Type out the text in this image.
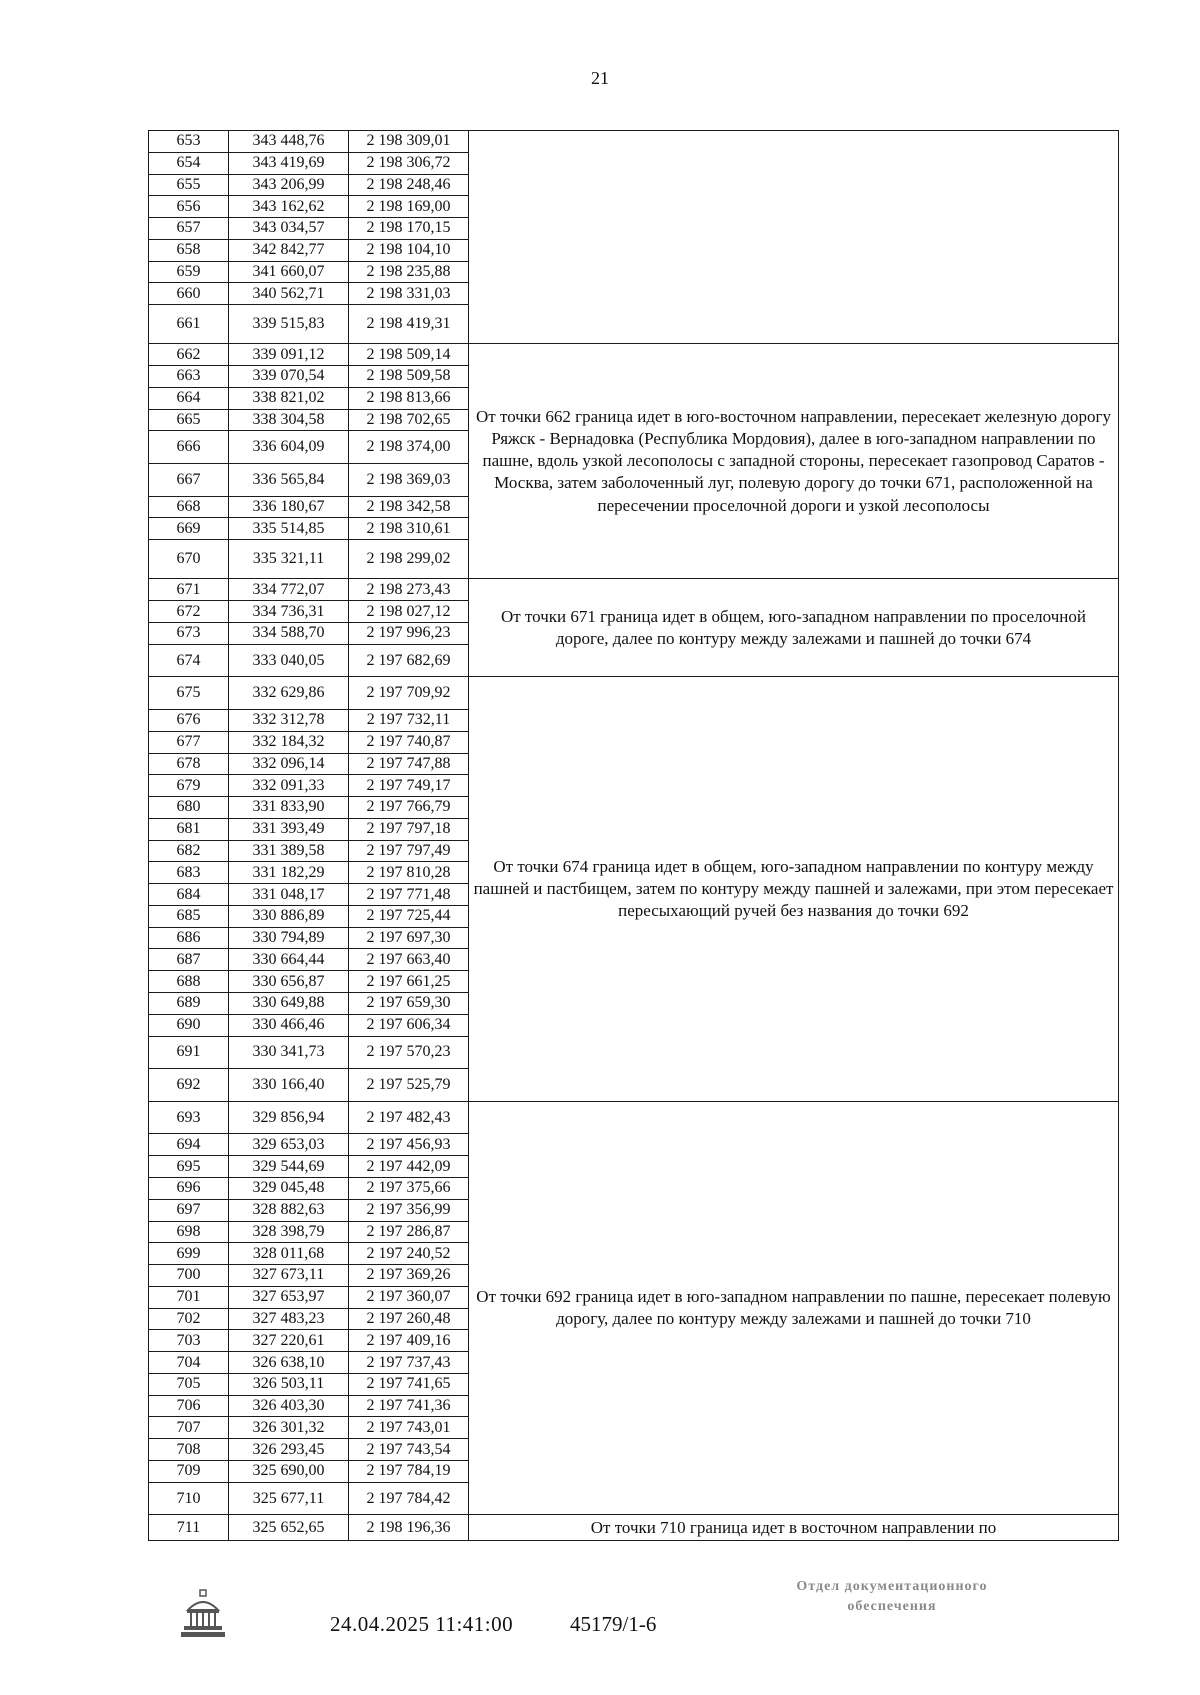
21
653	343 448,76	2 198 309,01	
654	343 419,69	2 198 306,72	
655	343 206,99	2 198 248,46	
656	343 162,62	2 198 169,00	
657	343 034,57	2 198 170,15	
658	342 842,77	2 198 104,10	
659	341 660,07	2 198 235,88	
660	340 562,71	2 198 331,03	
661	339 515,83	2 198 419,31	
662	339 091,12	2 198 509,14	От точки 662 граница идет в юго-восточном направлении, пересекает железную дорогу Ряжск - Вернадовка (Республика Мордовия), далее в юго-западном направлении по пашне, вдоль узкой лесополосы с западной стороны, пересекает газопровод Саратов - Москва, затем заболоченный луг, полевую дорогу до точки 671, расположенной на пересечении проселочной дороги и узкой лесополосы
663	339 070,54	2 198 509,58	
664	338 821,02	2 198 813,66	
665	338 304,58	2 198 702,65	
666	336 604,09	2 198 374,00	
667	336 565,84	2 198 369,03	
668	336 180,67	2 198 342,58	
669	335 514,85	2 198 310,61	
670	335 321,11	2 198 299,02	
671	334 772,07	2 198 273,43	От точки 671 граница идет в общем, юго-западном направлении по проселочной дороге, далее по контуру между залежами и пашней до точки 674
672	334 736,31	2 198 027,12	
673	334 588,70	2 197 996,23	
674	333 040,05	2 197 682,69	
675	332 629,86	2 197 709,92	От точки 674 граница идет в общем, юго-западном направлении по контуру между пашней и пастбищем, затем по контуру между пашней и залежами, при этом пересекает пересыхающий ручей без названия до точки 692
676	332 312,78	2 197 732,11	
677	332 184,32	2 197 740,87	
678	332 096,14	2 197 747,88	
679	332 091,33	2 197 749,17	
680	331 833,90	2 197 766,79	
681	331 393,49	2 197 797,18	
682	331 389,58	2 197 797,49	
683	331 182,29	2 197 810,28	
684	331 048,17	2 197 771,48	
685	330 886,89	2 197 725,44	
686	330 794,89	2 197 697,30	
687	330 664,44	2 197 663,40	
688	330 656,87	2 197 661,25	
689	330 649,88	2 197 659,30	
690	330 466,46	2 197 606,34	
691	330 341,73	2 197 570,23	
692	330 166,40	2 197 525,79	
693	329 856,94	2 197 482,43	От точки 692 граница идет в юго-западном направлении по пашне, пересекает полевую дорогу, далее по контуру между залежами и пашней до точки 710
694	329 653,03	2 197 456,93	
695	329 544,69	2 197 442,09	
696	329 045,48	2 197 375,66	
697	328 882,63	2 197 356,99	
698	328 398,79	2 197 286,87	
699	328 011,68	2 197 240,52	
700	327 673,11	2 197 369,26	
701	327 653,97	2 197 360,07	
702	327 483,23	2 197 260,48	
703	327 220,61	2 197 409,16	
704	326 638,10	2 197 737,43	
705	326 503,11	2 197 741,65	
706	326 403,30	2 197 741,36	
707	326 301,32	2 197 743,01	
708	326 293,45	2 197 743,54	
709	325 690,00	2 197 784,19	
710	325 677,11	2 197 784,42	
711	325 652,65	2 198 196,36	От точки 710 граница идет в восточном направлении по
24.04.2025 11:41:00	45179/1-6
Отдел документационного
обеспечения
